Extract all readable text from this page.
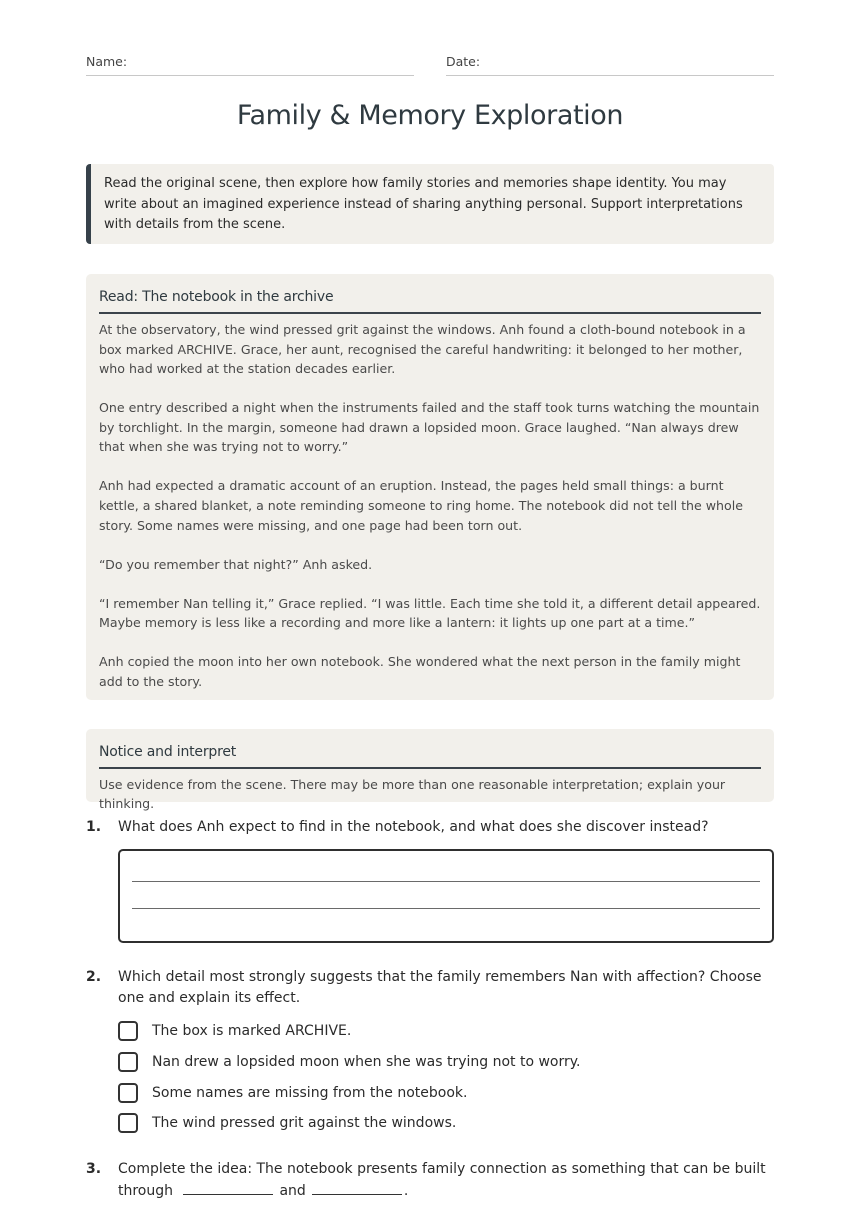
Name:	Date:
Family & Memory Exploration
Read the original scene, then explore how family stories and memories shape identity. You may write about an imagined experience instead of sharing anything personal. Support interpretations with details from the scene.
Read: The notebook in the archive

At the observatory, the wind pressed grit against the windows. Anh found a cloth-bound notebook in a box marked ARCHIVE. Grace, her aunt, recognised the careful handwriting: it belonged to her mother, who had worked at the station decades earlier.

One entry described a night when the instruments failed and the staff took turns watching the mountain by torchlight. In the margin, someone had drawn a lopsided moon. Grace laughed. “Nan always drew that when she was trying not to worry.”

Anh had expected a dramatic account of an eruption. Instead, the pages held small things: a burnt kettle, a shared blanket, a note reminding someone to ring home. The notebook did not tell the whole story. Some names were missing, and one page had been torn out.

“Do you remember that night?” Anh asked.

“I remember Nan telling it,” Grace replied. “I was little. Each time she told it, a different detail appeared. Maybe memory is less like a recording and more like a lantern: it lights up one part at a time.”

Anh copied the moon into her own notebook. She wondered what the next person in the family might add to the story.

Notice and interpret
Use evidence from the scene. There may be more than one reasonable interpretation; explain your thinking.
1. What does Anh expect to find in the notebook, and what does she discover instead?
2. Which detail most strongly suggests that the family remembers Nan with affection? Choose one and explain its effect.
The box is marked ARCHIVE.
Nan drew a lopsided moon when she was trying not to worry.
Some names are missing from the notebook.
The wind pressed grit against the windows.
3. Complete the idea: The notebook presents family connection as something that can be built through	and	.
